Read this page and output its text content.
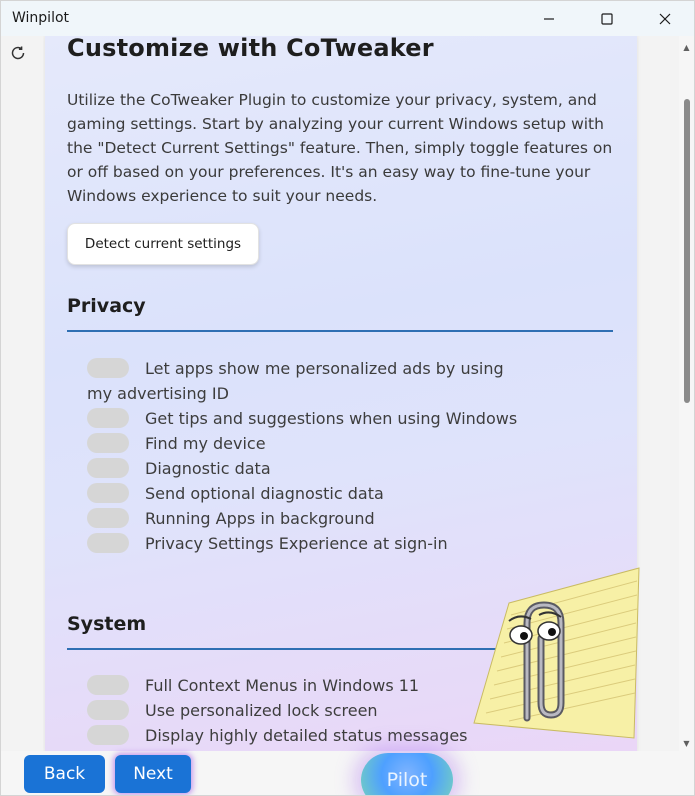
Winpilot
Customize with CoTweaker

Utilize the CoTweaker Plugin to customize your privacy, system, and gaming settings. Start by analyzing your current Windows setup with the "Detect Current Settings" feature. Then, simply toggle features on or off based on your preferences. It's an easy way to fine-tune your Windows experience to suit your needs.

Detect current settings
Privacy
Let apps show me personalized ads by using my advertising ID
Get tips and suggestions when using Windows
Find my device
Diagnostic data
Send optional diagnostic data
Running Apps in background
Privacy Settings Experience at sign-in
System
Full Context Menus in Windows 11
Use personalized lock screen
Display highly detailed status messages
▲
▼
Back	Next	Pilot
